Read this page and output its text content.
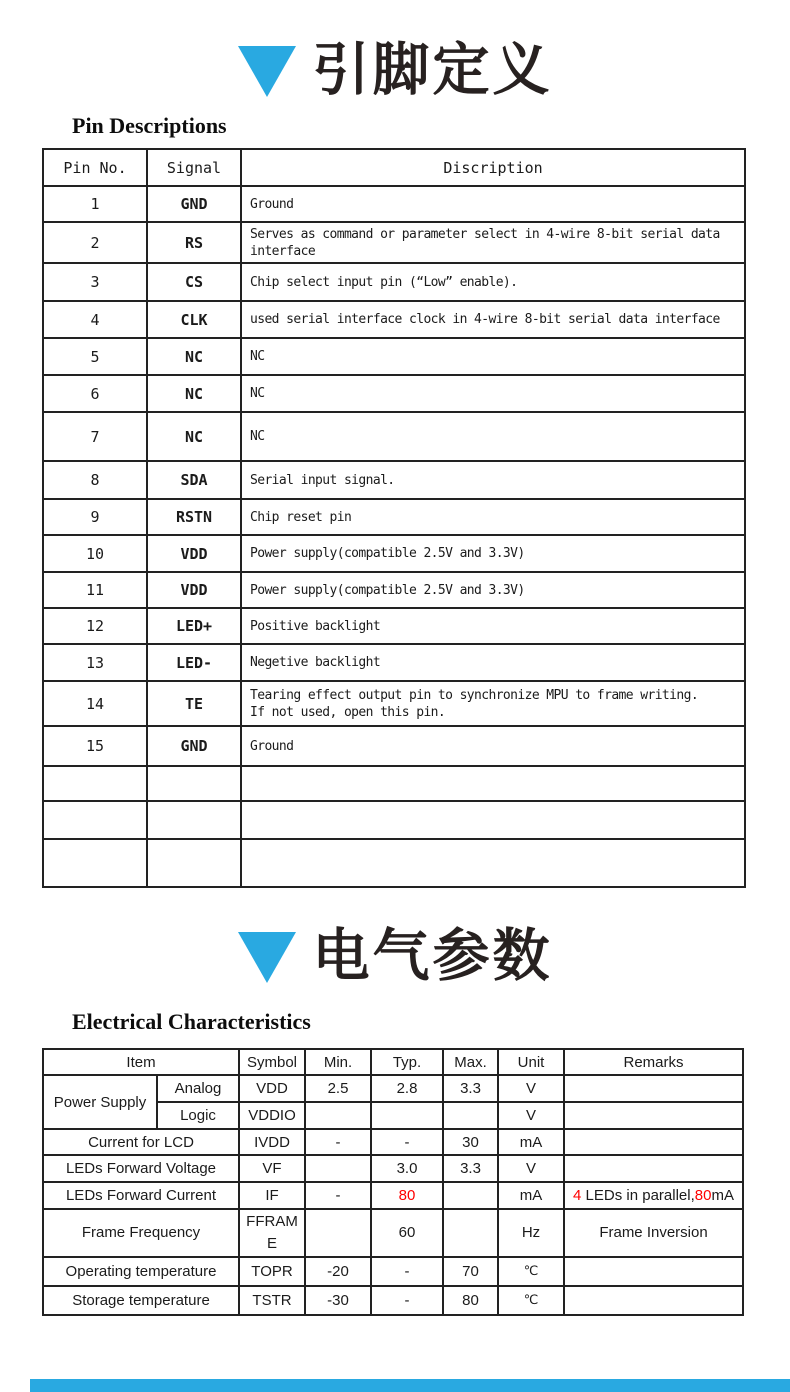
引脚定义
Pin Descriptions
Pin No.	Signal	Discription
1	GND	Ground

2	RS	Serves as command or parameter select in 4-wire 8-bit serial data
interface

3	CS	Chip select input pin (“Low” enable).

4	CLK	used serial interface clock in 4-wire 8-bit serial data interface

5	NC	NC

6	NC	NC

7	NC	NC

8	SDA	Serial input signal.

9	RSTN	Chip reset pin

10	VDD	Power supply(compatible 2.5V and 3.3V)

11	VDD	Power supply(compatible 2.5V and 3.3V)

12	LED+	Positive backlight

13	LED-	Negetive backlight

14	TE	Tearing effect output pin to synchronize MPU to frame writing.
If not used, open this pin.

15	GND	Ground

电气参数
Electrical Characteristics
Item		Symbol	Min.	Typ.	Max.	Unit	Remarks
Power Supply	Analog	VDD	2.5	2.8	3.3	V	
	Logic	VDDIO				V	
Current for LCD		IVDD	-	-	30	mA	
LEDs Forward Voltage		VF		3.0	3.3	V	
LEDs Forward Current		IF	-	80		mA	4 LEDs in parallel,80mA
Frame Frequency		FFRAME		60		Hz	Frame Inversion
Operating temperature		TOPR	-20	-	70	℃	
Storage temperature		TSTR	-30	-	80	℃	
